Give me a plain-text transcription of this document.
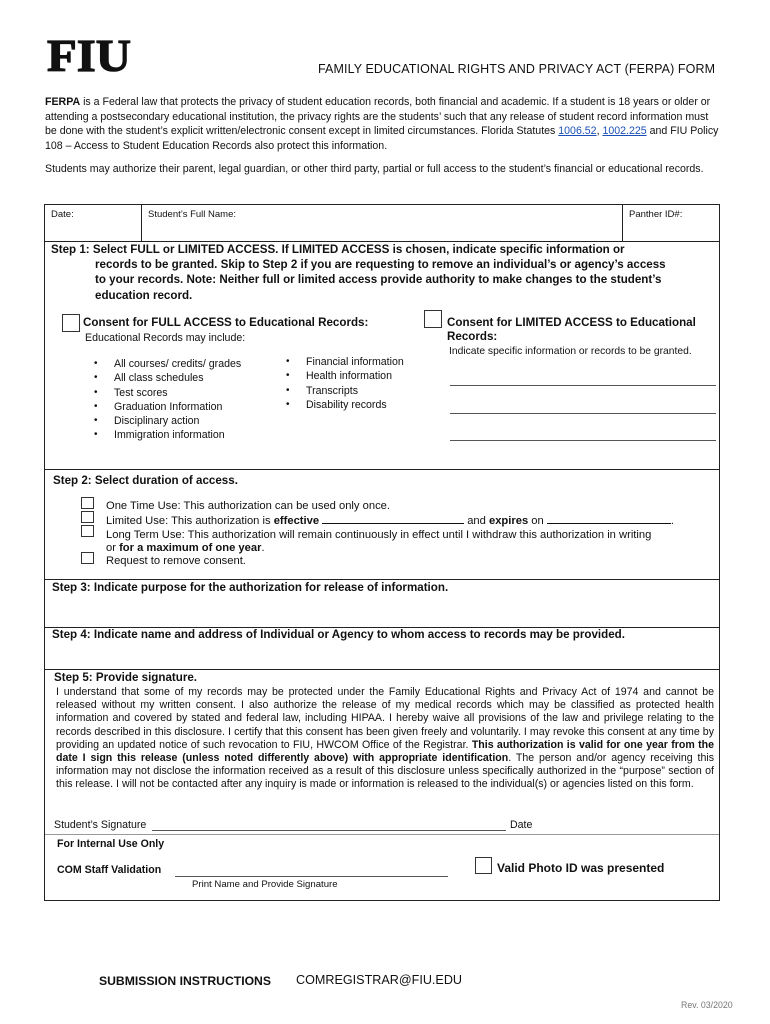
FIU	FAMILY EDUCATIONAL RIGHTS AND PRIVACY ACT (FERPA) FORM
FERPA is a Federal law that protects the privacy of student education records, both financial and academic. If a student is 18 years or older or attending a postsecondary educational institution, the privacy rights are the students’ such that any release of student record information must be done with the student’s explicit written/electronic consent except in limited circumstances. Florida Statutes 1006.52, 1002.225 and FIU Policy 108 – Access to Student Education Records also protect this information.
Students may authorize their parent, legal guardian, or other third party, partial or full access to the student’s financial or educational records.
Date:	Student’s Full Name:	Panther ID#:
Step 1: Select FULL or LIMITED ACCESS. If LIMITED ACCESS is chosen, indicate specific information or
records to be granted. Skip to Step 2 if you are requesting to remove an individual’s or agency’s access
to your records. Note: Neither full or limited access provide authority to make changes to the student’s
education record.
Consent for FULL ACCESS to Educational Records:
Educational Records may include:
• All courses/ credits/ grades
• All class schedules
• Test scores
• Graduation Information
• Disciplinary action
• Immigration information
• Financial information
• Health information
• Transcripts
• Disability records
Consent for LIMITED ACCESS to Educational
Records:
Indicate specific information or records to be granted.
Step 2: Select duration of access.
One Time Use: This authorization can be used only once.
Limited Use: This authorization is effective	and expires on	.
Long Term Use: This authorization will remain continuously in effect until I withdraw this authorization in writing
or for a maximum of one year.
Request to remove consent.
Step 3: Indicate purpose for the authorization for release of information.
Step 4: Indicate name and address of Individual or Agency to whom access to records may be provided.
Step 5: Provide signature.
I understand that some of my records may be protected under the Family Educational Rights and Privacy Act of 1974 and cannot be released without my written consent. I also authorize the release of my medical records which may be classified as protected health information and covered by stated and federal law, including HIPAA. I hereby waive all provisions of the law and privilege relating to the records described in this disclosure. I certify that this consent has been given freely and voluntarily. I may revoke this consent at any time by providing an updated notice of such revocation to FIU, HWCOM Office of the Registrar. This authorization is valid for one year from the date I sign this release (unless noted differently above) with appropriate identification. The person and/or agency receiving this information may not disclose the information received as a result of this disclosure unless specifically authorized in the “purpose” section of this release. I will not be contacted after any inquiry is made or information is released to the individual(s) or agencies listed on this form.
Student’s Signature	Date
For Internal Use Only
COM Staff Validation
Print Name and Provide Signature
Valid Photo ID was presented
SUBMISSION INSTRUCTIONS COMREGISTRAR@FIU.EDU
Rev. 03/2020
